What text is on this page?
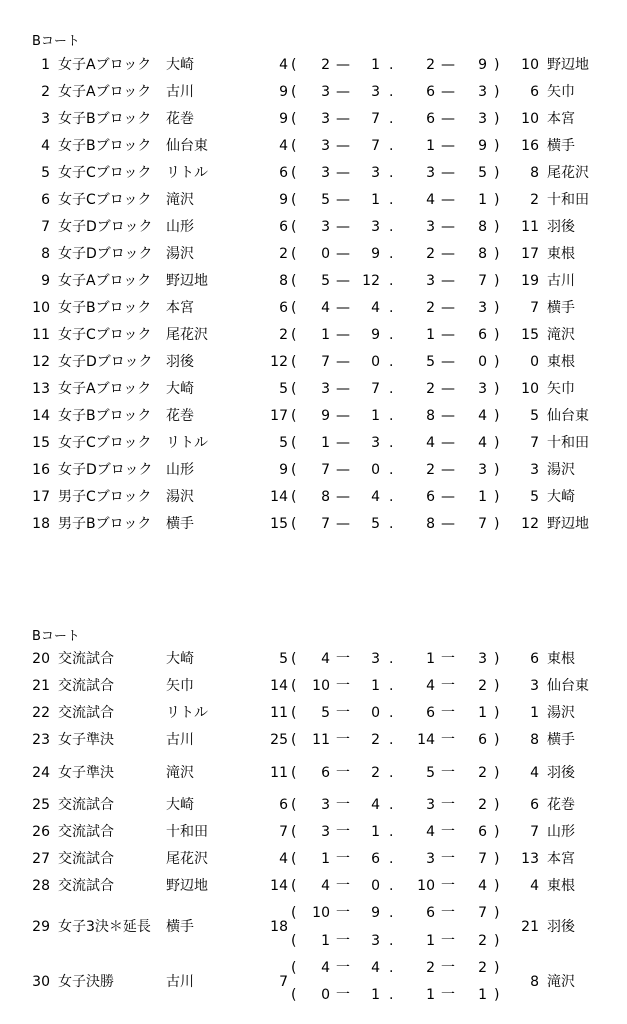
Bコート
1 女子Aブロック 大崎	4 (	2 —	1 .	2 —	9 )	10 野辺地
2 女子Aブロック 古川	9 (	3 —	3 .	6 —	3 )	6 矢巾
3 女子Bブロック 花巻	9 (	3 —	7 .	6 —	3 )	10 本宮
4 女子Bブロック 仙台東	4 (	3 —	7 .	1 —	9 )	16 横手
5 女子Cブロック リトル	6 (	3 —	3 .	3 —	5 )	8 尾花沢
6 女子Cブロック 滝沢	9 (	5 —	1 .	4 —	1 )	2 十和田
7 女子Dブロック 山形	6 (	3 —	3 .	3 —	8 )	11 羽後
8 女子Dブロック 湯沢	2 (	0 —	9 .	2 —	8 )	17 東根
9 女子Aブロック 野辺地	8 (	5 — 12 .	3 —	7 )	19 古川
10 女子Bブロック 本宮	6 (	4 —	4 .	2 —	3 )	7 横手
11 女子Cブロック 尾花沢	2 (	1 —	9 .	1 —	6 )	15 滝沢
12 女子Dブロック 羽後	12 (	7 —	0 .	5 —	0 )	0 東根
13 女子Aブロック 大崎	5 (	3 —	7 .	2 —	3 )	10 矢巾
14 女子Bブロック 花巻	17 (	9 —	1 .	8 —	4 )	5 仙台東
15 女子Cブロック リトル	5 (	1 —	3 .	4 —	4 )	7 十和田
16 女子Dブロック 山形	9 (	7 —	0 .	2 —	3 )	3 湯沢
17 男子Cブロック 湯沢	14 (	8 —	4 .	6 —	1 )	5 大崎
18 男子Bブロック 横手	15 (	7 —	5 .	8 —	7 )	12 野辺地
Bコート
20 交流試合	大崎	5 (	4 一	3 .	1 一	3 )	6 東根
21 交流試合	矢巾	14 (	10 一	1 .	4 一	2 )	3 仙台東
22 交流試合	リトル	11 (	5 一	0 .	6 一	1 )	1 湯沢
23 女子準決	古川	25 (	11 一	2 .	14 一	6 )	8 横手
24 女子準決	滝沢	11 (	6 一	2 .	5 一	2 )	4 羽後
25 交流試合	大崎	6 (	3 一	4 .	3 一	2 )	6 花巻
26 交流試合	十和田	7 (	3 一	1 .	4 一	6 )	7 山形
27 交流試合	尾花沢	4 (	1 一	6 .	3 一	7 )	13 本宮
28 交流試合	野辺地	14 (	4 一	0 .	10 一	4 )	4 東根
29 女子3決＊延長 横手	18	21 羽後
(	10 一	9 .	6 一	7 )
(	1 一	3 .	1 一	2 )
30 女子決勝	古川	7	8 滝沢
(	4 一	4 .	2 一	2 )
(	0 一	1 .	1 一	1 )
